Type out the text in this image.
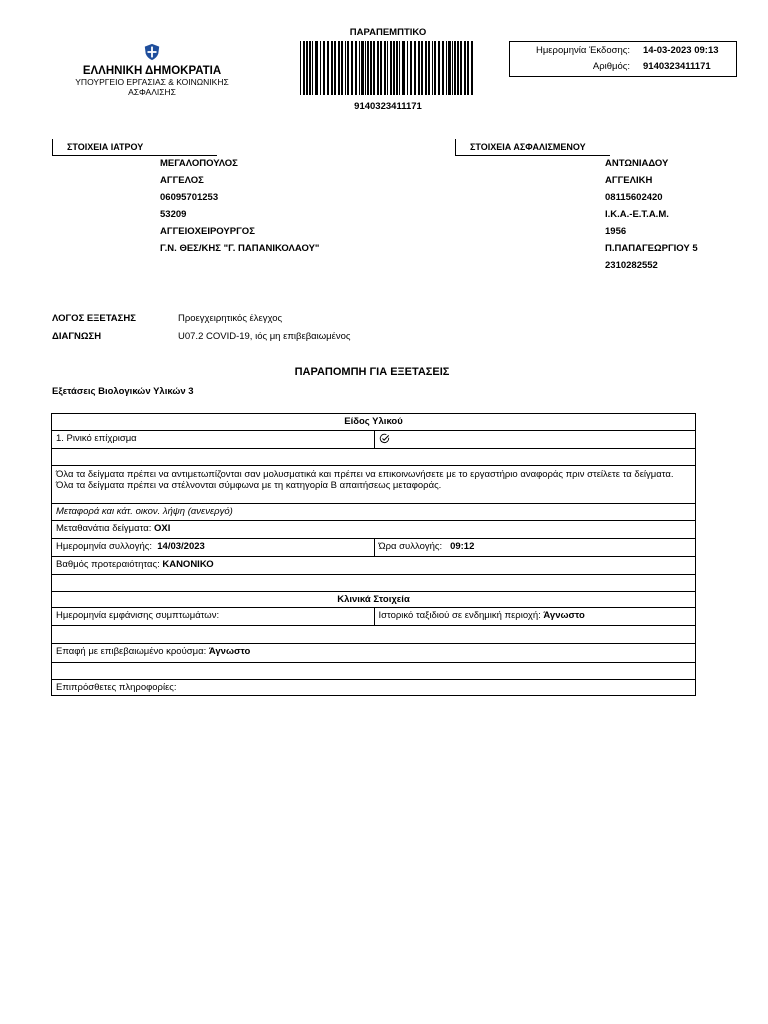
ΕΛΛΗΝΙΚΗ ΔΗΜΟΚΡΑΤΙΑ
ΥΠΟΥΡΓΕΙΟ ΕΡΓΑΣΙΑΣ & ΚΟΙΝΩΝΙΚΗΣ ΑΣΦΑΛΙΣΗΣ
ΠΑΡΑΠΕΜΠΤΙΚΟ
9140323411171
Ημερομηνία Έκδοσης: 14-03-2023 09:13
Αριθμός: 9140323411171
ΣΤΟΙΧΕΙΑ ΙΑΤΡΟΥ
ΜΕΓΑΛΟΠΟΥΛΟΣ
ΑΓΓΕΛΟΣ
06095701253
53209
ΑΓΓΕΙΟΧΕΙΡΟΥΡΓΟΣ
Γ.Ν. ΘΕΣ/ΚΗΣ "Γ. ΠΑΠΑΝΙΚΟΛΑΟΥ"
ΣΤΟΙΧΕΙΑ ΑΣΦΑΛΙΣΜΕΝΟΥ
ΑΝΤΩΝΙΑΔΟΥ
ΑΓΓΕΛΙΚΗ
08115602420
Ι.Κ.Α.-Ε.Τ.Α.Μ.
1956
Π.ΠΑΠΑΓΕΩΡΓΙΟΥ 5
2310282552
ΛΟΓΟΣ ΕΞΕΤΑΣΗΣ	Προεγχειρητικός έλεγχος
ΔΙΑΓΝΩΣΗ	U07.2 COVID-19, ιός μη επιβεβαιωμένος
ΠΑΡΑΠΟΜΠΗ ΓΙΑ ΕΞΕΤΑΣΕΙΣ
Εξετάσεις Βιολογικών Υλικών 3
Είδος Υλικού
1. Ρινικό επίχρισμα
Όλα τα δείγματα πρέπει να αντιμετωπίζονται σαν μολυσματικά και πρέπει να επικοινωνήσετε με το εργαστήριο αναφοράς πριν στείλετε τα δείγματα.
Όλα τα δείγματα πρέπει να στέλνονται σύμφωνα με τη κατηγορία Β απαιτήσεως μεταφοράς.
Μεταφορά και κάτ. οικον. λήψη (ανενεργό)
Μεταθανάτια δείγματα: ΟΧΙ
Ημερομηνία συλλογής: 14/03/2023	Ώρα συλλογής: 09:12
Βαθμός προτεραιότητας: ΚΑΝΟΝΙΚΟ
Κλινικά Στοιχεία
Ημερομηνία εμφάνισης συμπτωμάτων:	Ιστορικό ταξιδιού σε ενδημική περιοχή: Άγνωστο
Επαφή με επιβεβαιωμένο κρούσμα: Άγνωστο
Επιπρόσθετες πληροφορίες:
